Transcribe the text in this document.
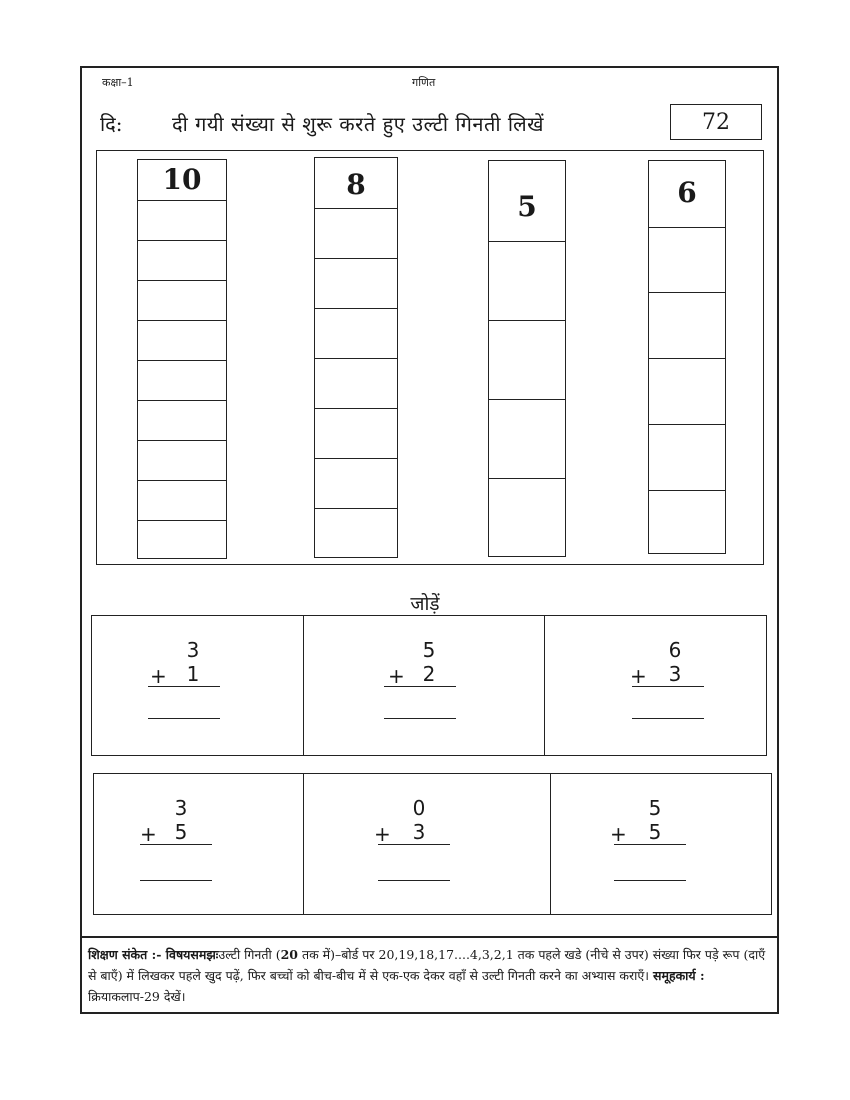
कक्षा–1	गणित
दि: दी गयी संख्या से शुरू करते हुए उल्टी गिनती लिखें	72
10	8
5	6
जोड़ें
3
+ 1
5
+ 2
6
+	3
3
+ 5
0
+	3
5
+	5
शिक्षण संकेत :- विषयसमझःउल्टी गिनती (20 तक में)–बोर्ड पर 20,19,18,17....4,3,2,1 तक पहले खडे (नीचे से उपर) संख्या फिर पड़े रूप (दाएँ से बाएँ) में लिखकर पहले खुद पढ़ें, फिर बच्चों को बीच-बीच में से एक-एक देकर वहाँ से उल्टी गिनती करने का अभ्यास कराएँ। समूहकार्य : क्रियाकलाप-29 देखें।
